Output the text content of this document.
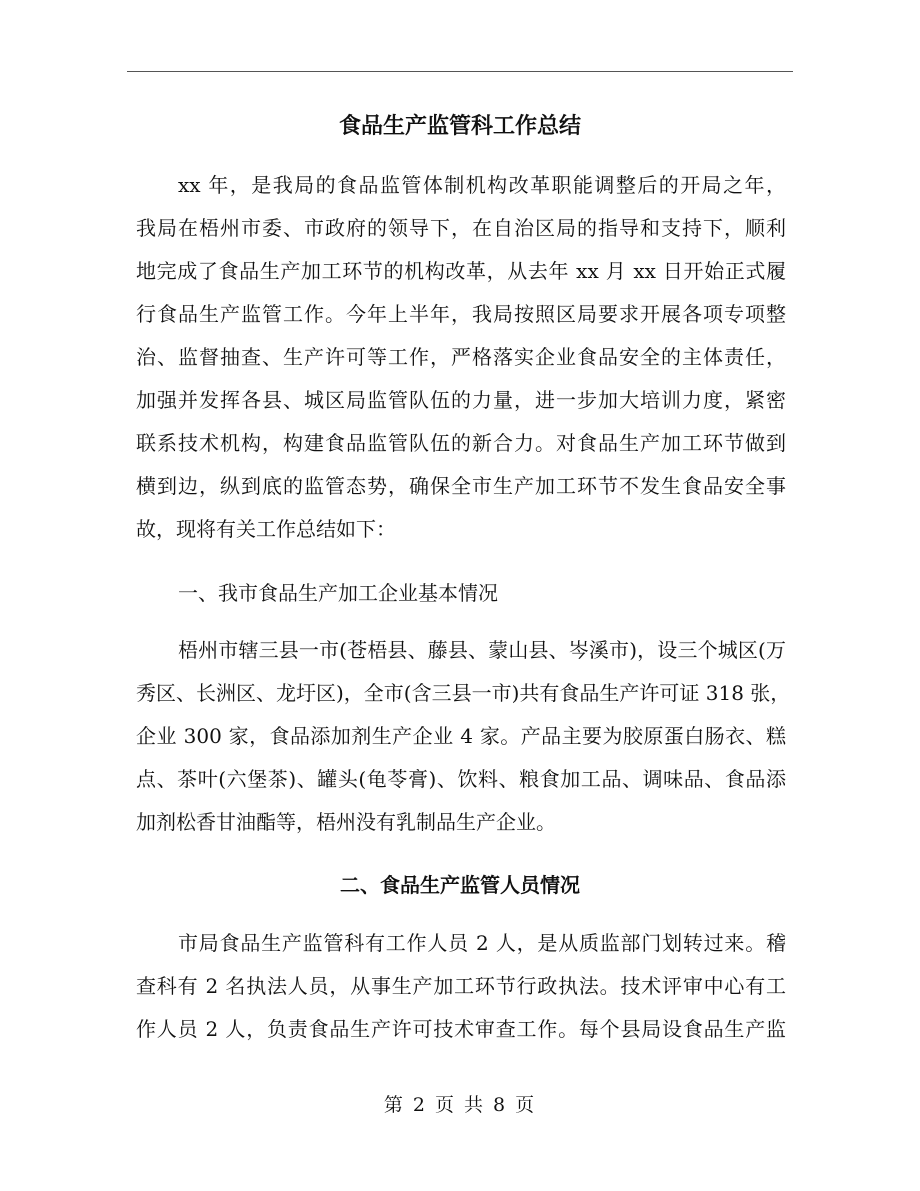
食品生产监管科工作总结
xx 年，是我局的食品监管体制机构改革职能调整后的开局之年，
我局在梧州市委、市政府的领导下，在自治区局的指导和支持下，顺利
地完成了食品生产加工环节的机构改革，从去年 xx 月 xx 日开始正式履
行食品生产监管工作。今年上半年，我局按照区局要求开展各项专项整
治、监督抽查、生产许可等工作，严格落实企业食品安全的主体责任，
加强并发挥各县、城区局监管队伍的力量，进一步加大培训力度，紧密
联系技术机构，构建食品监管队伍的新合力。对食品生产加工环节做到
横到边，纵到底的监管态势，确保全市生产加工环节不发生食品安全事
故，现将有关工作总结如下：
一、我市食品生产加工企业基本情况
梧州市辖三县一市(苍梧县、藤县、蒙山县、岑溪市)，设三个城区(万
秀区、长洲区、龙圩区)，全市(含三县一市)共有食品生产许可证 318 张，
企业 300 家，食品添加剂生产企业 4 家。产品主要为胶原蛋白肠衣、糕
点、茶叶(六堡茶)、罐头(龟苓膏)、饮料、粮食加工品、调味品、食品添
加剂松香甘油酯等，梧州没有乳制品生产企业。
二、食品生产监管人员情况
市局食品生产监管科有工作人员 2 人，是从质监部门划转过来。稽
查科有 2 名执法人员，从事生产加工环节行政执法。技术评审中心有工
作人员 2 人，负责食品生产许可技术审查工作。每个县局设食品生产监
第 2 页 共 8 页
